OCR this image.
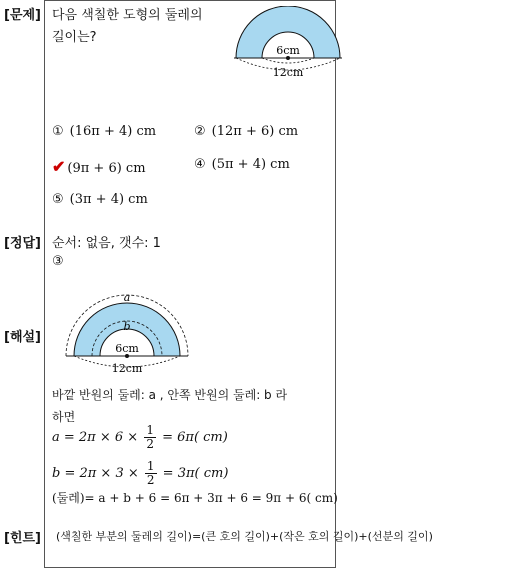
[문제]
[정답]
[해설]
[힌트]
다음 색칠한 도형의 둘레의
길이는?
6cm
12cm
① (16π + 4) cm	② (12π + 6) cm
✔ (9π + 6) cm	④ (5π + 4) cm
⑤ (3π + 4) cm
순서: 없음, 갯수: 1
③
a
b
6cm
12cm
바깥 반원의 둘레: a , 안쪽 반원의 둘레: b 라
하면
$a = 2\pi \times 6 \times \frac{1}{2} = 6\pi$( cm)
$b = 2\pi \times 3 \times \frac{1}{2} = 3\pi$( cm)
(둘레)= a + b + 6 = 6π + 3π + 6 = 9π + 6( cm)
(색칠한 부분의 둘레의 길이)=(큰 호의 길이)+(작은 호의 길이)+(선분의 길이)
